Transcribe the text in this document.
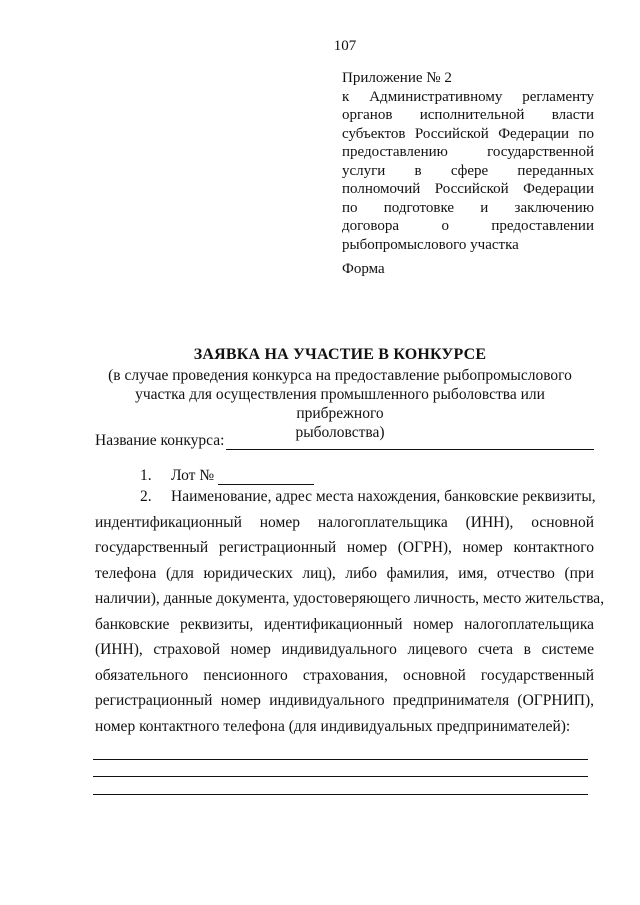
107
Приложение № 2
к Административному регламенту
органов исполнительной власти
субъектов Российской Федерации по
предоставлению государственной
услуги в сфере переданных
полномочий Российской Федерации
по подготовке и заключению
договора о предоставлении
рыбопромыслового участка
Форма
ЗАЯВКА НА УЧАСТИЕ В КОНКУРСЕ
(в случае проведения конкурса на предоставление рыбопромыслового
участка для осуществления промышленного рыболовства или прибрежного
рыболовства)
Название конкурса:
1. Лот №
2. Наименование, адрес места нахождения, банковские реквизиты,
индентификационный номер налогоплательщика (ИНН), основной
государственный регистрационный номер (ОГРН), номер контактного
телефона (для юридических лиц), либо фамилия, имя, отчество (при
наличии), данные документа, удостоверяющего личность, место жительства,
банковские реквизиты, идентификационный номер налогоплательщика
(ИНН), страховой номер индивидуального лицевого счета в системе
обязательного пенсионного страхования, основной государственный
регистрационный номер индивидуального предпринимателя (ОГРНИП),
номер контактного телефона (для индивидуальных предпринимателей):
